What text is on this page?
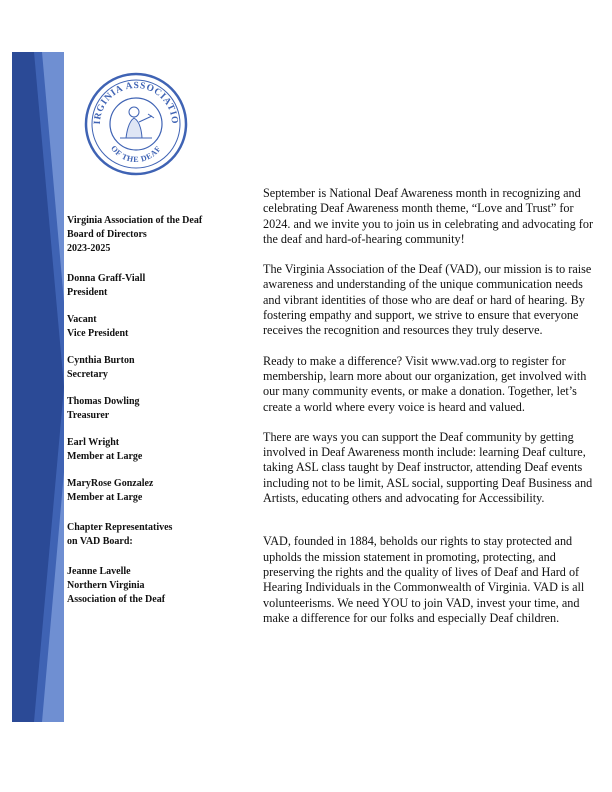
IRGINIA ASSOCIATIO
OF THE DEAF
Virginia Association of the Deaf
Board of Directors
2023-2025
Donna Graff-Viall
President
Vacant
Vice President
Cynthia Burton
Secretary
Thomas Dowling
Treasurer
Earl Wright
Member at Large
MaryRose Gonzalez
Member at Large
Chapter Representatives
on VAD Board:
Jeanne Lavelle
Northern Virginia
Association of the Deaf

September is National Deaf Awareness month in recognizing and celebrating Deaf Awareness month theme, “Love and Trust” for 2024. and we invite you to join us in celebrating and advocating for the deaf and hard-of-hearing community!

The Virginia Association of the Deaf (VAD), our mission is to raise awareness and understanding of the unique communication needs and vibrant identities of those who are deaf or hard of hearing. By fostering empathy and support, we strive to ensure that everyone receives the recognition and resources they truly deserve.

Ready to make a difference? Visit www.vad.org to register for membership, learn more about our organization, get involved with our many community events, or make a donation. Together, let’s create a world where every voice is heard and valued.

There are ways you can support the Deaf community by getting involved in Deaf Awareness month include: learning Deaf culture, taking ASL class taught by Deaf instructor, attending Deaf events including not to be limit, ASL social, supporting Deaf Business and Artists, educating others and advocating for Accessibility.

VAD, founded in 1884, beholds our rights to stay protected and upholds the mission statement in promoting, protecting, and preserving the rights and the quality of lives of Deaf and Hard of Hearing Individuals in the Commonwealth of Virginia. VAD is all volunteerisms. We need YOU to join VAD, invest your time, and make a difference for our folks and especially Deaf children.
